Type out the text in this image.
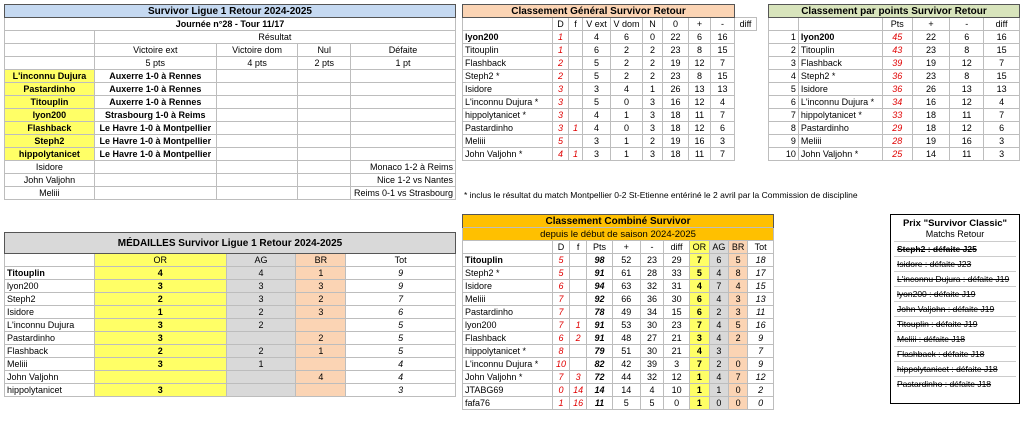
Survivor Ligue 1 Retour 2024-2025				
Journée n°28 - Tour 11/17				
	Résultat			
	Victoire ext	Victoire dom	Nul	Défaite
	5 pts	4 pts	2 pts	1 pt
L'inconnu Dujura	Auxerre 1-0 à Rennes			
Pastardinho	Auxerre 1-0 à Rennes			
Titouplin	Auxerre 1-0 à Rennes			
lyon200	Strasbourg 1-0 à Reims			
Flashback	Le Havre 1-0 à Montpellier			
Steph2	Le Havre 1-0 à Montpellier			
hippolytanicet	Le Havre 1-0 à Montpellier			
Isidore				Monaco 1-2 à Reims
John Valjohn				Nice 1-2 vs Nantes
Meliii				Reims 0-1 vs Strasbourg
Classement Général Survivor Retour									
	D	f	V ext	V dom	N	0	+	-	diff
lyon200	1		4	6	0	22	6	16	
Titouplin	1		6	2	2	23	8	15	
Flashback	2		5	2	2	19	12	7	
Steph2 *	2		5	2	2	23	8	15	
Isidore	3		3	4	1	26	13	13	
L'inconnu Dujura *	3		5	0	3	16	12	4	
hippolytanicet *	3		4	1	3	18	11	7	
Pastardinho	3	1	4	0	3	18	12	6	
Meliii	5		3	1	2	19	16	3	
John Valjohn *	4	1	3	1	3	18	11	7	
Classement par points Survivor Retour					
		Pts	+	-	diff
1	lyon200	45	22	6	16
2	Titouplin	43	23	8	15
3	Flashback	39	19	12	7
4	Steph2 *	36	23	8	15
5	Isidore	36	26	13	13
6	L'inconnu Dujura *	34	16	12	4
7	hippolytanicet *	33	18	11	7
8	Pastardinho	29	18	12	6
9	Meliii	28	19	16	3
10	John Valjohn *	25	14	11	3
* inclus le résultat du match Montpellier 0-2 St-Etienne entériné le 2 avril par la Commission de discipline
MÉDAILLES Survivor Ligue 1 Retour 2024-2025				
	OR	AG	BR	Tot
Titouplin	4	4	1	9
lyon200	3	3	3	9
Steph2	2	3	2	7
Isidore	1	2	3	6
L'inconnu Dujura	3	2		5
Pastardinho	3		2	5
Flashback	2	2	1	5
Meliii	3	1		4
John Valjohn			4	4
hippolytanicet	3			3
Classement Combiné Survivor										
depuis le début de saison 2024-2025										
	D	f	Pts	+	-	diff	OR	AG	BR	Tot
Titouplin	5		98	52	23	29	7	6	5	18
Steph2 *	5		91	61	28	33	5	4	8	17
Isidore	6		94	63	32	31	4	7	4	15
Meliii	7		92	66	36	30	6	4	3	13
Pastardinho	7		78	49	34	15	6	2	3	11
lyon200	7	1	91	53	30	23	7	4	5	16
Flashback	6	2	91	48	27	21	3	4	2	9
hippolytanicet *	8		79	51	30	21	4	3		7
L'inconnu Dujura *	10		82	42	39	3	7	2	0	9
John Valjohn *	7	3	72	44	32	12	1	4	7	12
JTABG69	0	14	14	14	4	10	1	1	0	2
fafa76	1	16	11	5	5	0	1	0	0	0
Prix "Survivor Classic"
Matchs Retour
Steph2 : défaite J25
Isidore : défaite J23
L'inconnu Dujura : défaite J19
lyon200 : défaite J19
John Valjohn : défaite J19
Titouplin : défaite J19
Meliii : défaite J18
Flashback : défaite J18
hippolytanicet : défaite J18
Pastardinho : défaite J18
